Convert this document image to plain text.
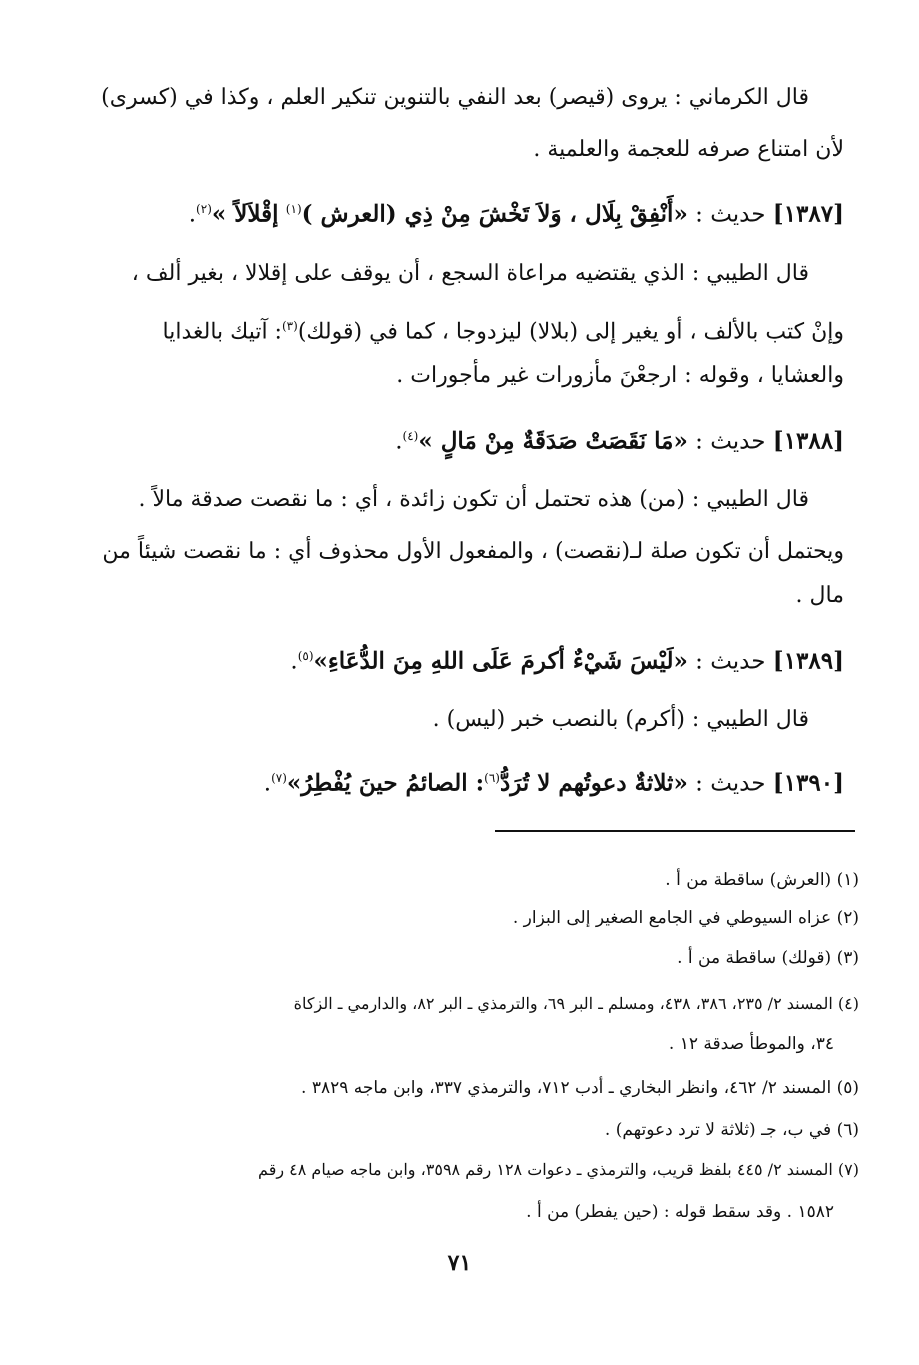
قال الكرماني : يروى (قيصر) بعد النفي بالتنوين تنكير العلم ، وكذا في (كسرى)
لأن امتناع صرفه للعجمة والعلمية .
[١٣٨٧] حديث : «أَنْفِقْ بِلَال ، وَلاَ تَخْشَ مِنْ ذِي (العرش )$^{(١)}$ إقْلاَلاً »$^{(٢)}$.
قال الطيبي : الذي يقتضيه مراعاة السجع ، أن يوقف على إقلالا ، بغير ألف ،
وإنْ كتب بالألف ، أو يغير إلى (بلالا) ليزدوجا ، كما في (قولك)$^{(٣)}$: آتيك بالغدايا
والعشايا ، وقوله : ارجعْنَ مأزورات غير مأجورات .
[١٣٨٨] حديث : «مَا نَقَصَتْ صَدَقَةٌ مِنْ مَالٍ »$^{(٤)}$.
قال الطيبي : (من) هذه تحتمل أن تكون زائدة ، أي : ما نقصت صدقة مالاً .
ويحتمل أن تكون صلة لـ(نقصت) ، والمفعول الأول محذوف أي : ما نقصت شيئاً من
مال .
[١٣٨٩] حديث : «لَيْسَ شَيْءٌ أكرمَ عَلَى اللهِ مِنَ الدُّعَاءِ»$^{(٥)}$.
قال الطيبي : (أكرم) بالنصب خبر (ليس) .
[١٣٩٠] حديث : «ثلاثةٌ دعوتُهم لا تُرَدُّ$^{(٦)}$: الصائمُ حينَ يُفْطِرُ»$^{(٧)}$.
(١) (العرش) ساقطة من أ .
(٢) عزاه السيوطي في الجامع الصغير إلى البزار .
(٣) (قولك) ساقطة من أ .
(٤) المسند ٢/ ٢٣٥، ٣٨٦، ٤٣٨، ومسلم ـ البر ٦٩، والترمذي ـ البر ٨٢، والدارمي ـ الزكاة
٣٤، والموطأ صدقة ١٢ .
(٥) المسند ٢/ ٤٦٢، وانظر البخاري ـ أدب ٧١٢، والترمذي ٣٣٧، وابن ماجه ٣٨٢٩ .
(٦) في ب، جـ (ثلاثة لا ترد دعوتهم) .
(٧) المسند ٢/ ٤٤٥ بلفظ قريب، والترمذي ـ دعوات ١٢٨ رقم ٣٥٩٨، وابن ماجه صيام ٤٨ رقم
١٥٨٢ . وقد سقط قوله : (حين يفطر) من أ .
٧١
